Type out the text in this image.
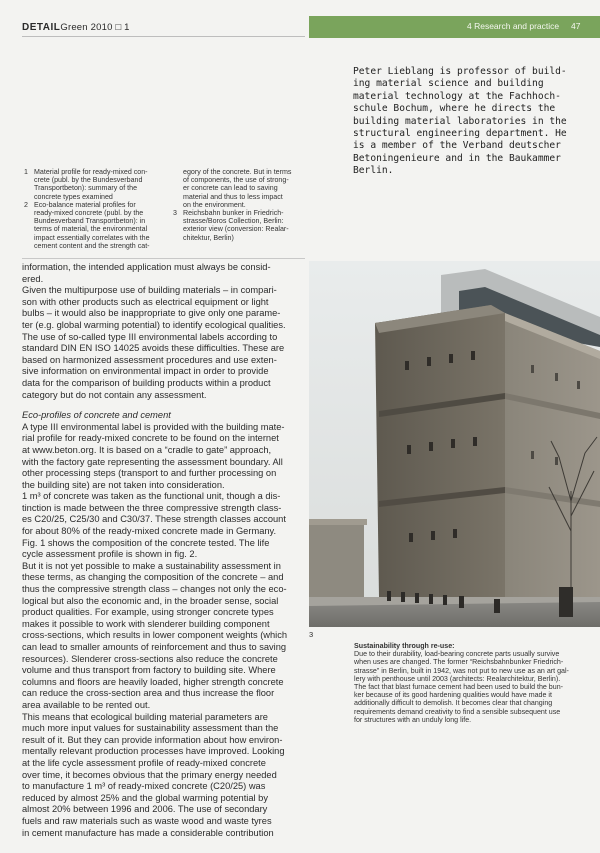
DETAILGreen 2010 □ 1	4 Research and practice 47
Peter Lieblang is professor of build-
ing material science and building
material technology at the Fachhoch-
schule Bochum, where he directs the
building material laboratories in the
structural engineering department. He
is a member of the Verband deutscher
Betoningenieure and in the Baukammer
Berlin.
1 Material profile for ready-mixed con-
crete (publ. by the Bundesverband
Transportbeton): summary of the
concrete types examined
2 Eco-balance material profiles for
ready-mixed concrete (publ. by the
Bundesverband Transportbeton): in
terms of material, the environmental
impact essentially correlates with the
cement content and the strength cat-
egory of the concrete. But in terms
of components, the use of strong-
er concrete can lead to saving
material and thus to less impact
on the environment.
3 Reichsbahn bunker in Friedrich-
strasse/Boros Collection, Berlin:
exterior view (conversion: Realar-
chitektur, Berlin)
information, the intended application must always be consid-
ered.
Given the multipurpose use of building materials – in compari-
son with other products such as electrical equipment or light
bulbs – it would also be inappropriate to give only one parame-
ter (e.g. global warming potential) to identify ecological qualities.
The use of so-called type III environmental labels according to
standard DIN EN ISO 14025 avoids these difficulties. These are
based on harmonized assessment procedures and use exten-
sive information on environmental impact in order to provide
data for the comparison of building products within a product
category but do not contain any assessment.
Eco-profiles of concrete and cement
A type III environmental label is provided with the building mate-
rial profile for ready-mixed concrete to be found on the internet
at www.beton.org. It is based on a “cradle to gate” approach,
with the factory gate representing the assessment boundary. All
other processing steps (transport to and further processing on
the building site) are not taken into consideration.
1 m³ of concrete was taken as the functional unit, though a dis-
tinction is made between the three compressive strength class-
es C20/25, C25/30 and C30/37. These strength classes account
for about 80% of the ready-mixed concrete made in Germany.
Fig. 1 shows the composition of the concrete tested. The life
cycle assessment profile is shown in fig. 2.
But it is not yet possible to make a sustainability assessment in
these terms, as changing the composition of the concrete – and
thus the compressive strength class – changes not only the eco-
logical but also the economic and, in the broader sense, social
product qualities. For example, using stronger concrete types
makes it possible to work with slenderer building component
cross-sections, which results in lower component weights (which
can lead to smaller amounts of reinforcement and thus to saving
resources). Slenderer cross-sections also reduce the concrete
volume and thus transport from factory to building site. Where
columns and floors are heavily loaded, higher strength concrete
can reduce the cross-section area and thus increase the floor
area available to be rented out.
This means that ecological building material parameters are
much more input values for sustainability assessment than the
result of it. But they can provide information about how environ-
mentally relevant production processes have improved. Looking
at the life cycle assessment profile of ready-mixed concrete
over time, it becomes obvious that the primary energy needed
to manufacture 1 m³ of ready-mixed concrete (C20/25) was
reduced by almost 25% and the global warming potential by
almost 20% between 1996 and 2006. The use of secondary
fuels and raw materials such as waste wood and waste tyres
in cement manufacture has made a considerable contribution
3
Sustainability through re-use:
Due to their durability, load-bearing concrete parts usually survive
when uses are changed. The former “Reichsbahnbunker Friedrich-
strasse” in Berlin, built in 1942, was not put to new use as an art gal-
lery with penthouse until 2003 (architects: Realarchitektur, Berlin).
The fact that blast furnace cement had been used to build the bun-
ker because of its good hardening qualities would have made it
additionally difficult to demolish. It becomes clear that changing
requirements demand creativity to find a sensible subsequent use
for structures with an unduly long life.
